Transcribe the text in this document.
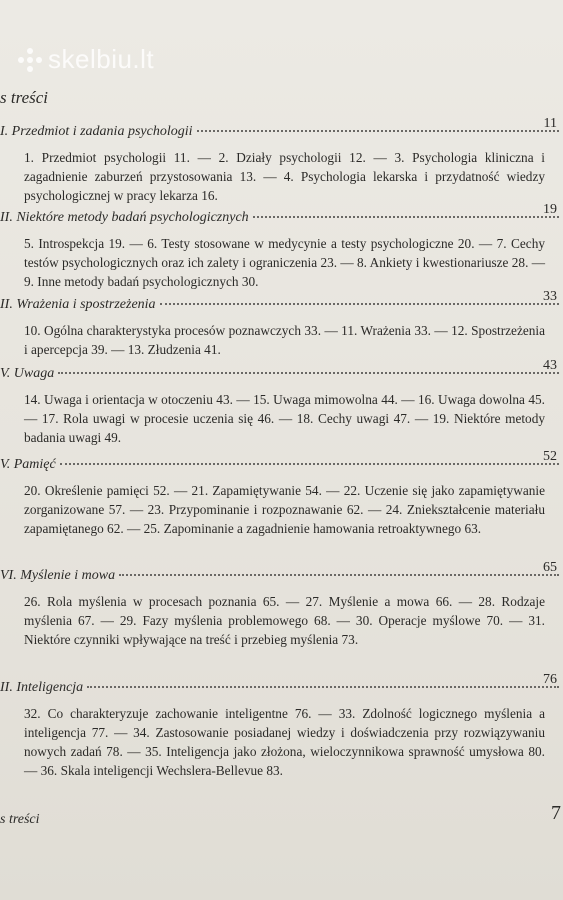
skelbiu.lt
s treści
I. Przedmiot i zadania psychologii
11
1. Przedmiot psychologii 11. — 2. Działy psychologii 12. — 3. Psychologia kliniczna i zagadnienie zaburzeń przystosowania 13. — 4. Psychologia lekarska i przydatność wiedzy psychologicznej w pracy lekarza 16.
II. Niektóre metody badań psychologicznych
19
5. Introspekcja 19. — 6. Testy stosowane w medycynie a testy psychologiczne 20. — 7. Cechy testów psychologicznych oraz ich zalety i ograniczenia 23. — 8. Ankiety i kwestionariusze 28. — 9. Inne metody badań psychologicznych 30.
II. Wrażenia i spostrzeżenia
33
10. Ogólna charakterystyka procesów poznawczych 33. — 11. Wrażenia 33. — 12. Spostrzeżenia i apercepcja 39. — 13. Złudzenia 41.
V. Uwaga
43
14. Uwaga i orientacja w otoczeniu 43. — 15. Uwaga mimowolna 44. — 16. Uwaga dowolna 45. — 17. Rola uwagi w procesie uczenia się 46. — 18. Cechy uwagi 47. — 19. Niektóre metody badania uwagi 49.
V. Pamięć
52
20. Określenie pamięci 52. — 21. Zapamiętywanie 54. — 22. Uczenie się jako zapamiętywanie zorganizowane 57. — 23. Przypominanie i rozpoznawanie 62. — 24. Zniekształcenie materiału zapamiętanego 62. — 25. Zapominanie a zagadnienie hamowania retroaktywnego 63.
VI. Myślenie i mowa
65
26. Rola myślenia w procesach poznania 65. — 27. Myślenie a mowa 66. — 28. Rodzaje myślenia 67. — 29. Fazy myślenia problemowego 68. — 30. Operacje myślowe 70. — 31. Niektóre czynniki wpływające na treść i przebieg myślenia 73.
II. Inteligencja
76
32. Co charakteryzuje zachowanie inteligentne 76. — 33. Zdolność logicznego myślenia a inteligencja 77. — 34. Zastosowanie posiadanej wiedzy i doświadczenia przy rozwiązywaniu nowych zadań 78. — 35. Inteligencja jako złożona, wieloczynnikowa sprawność umysłowa 80. — 36. Skala inteligencji Wechslera-Bellevue 83.
s treści	7
